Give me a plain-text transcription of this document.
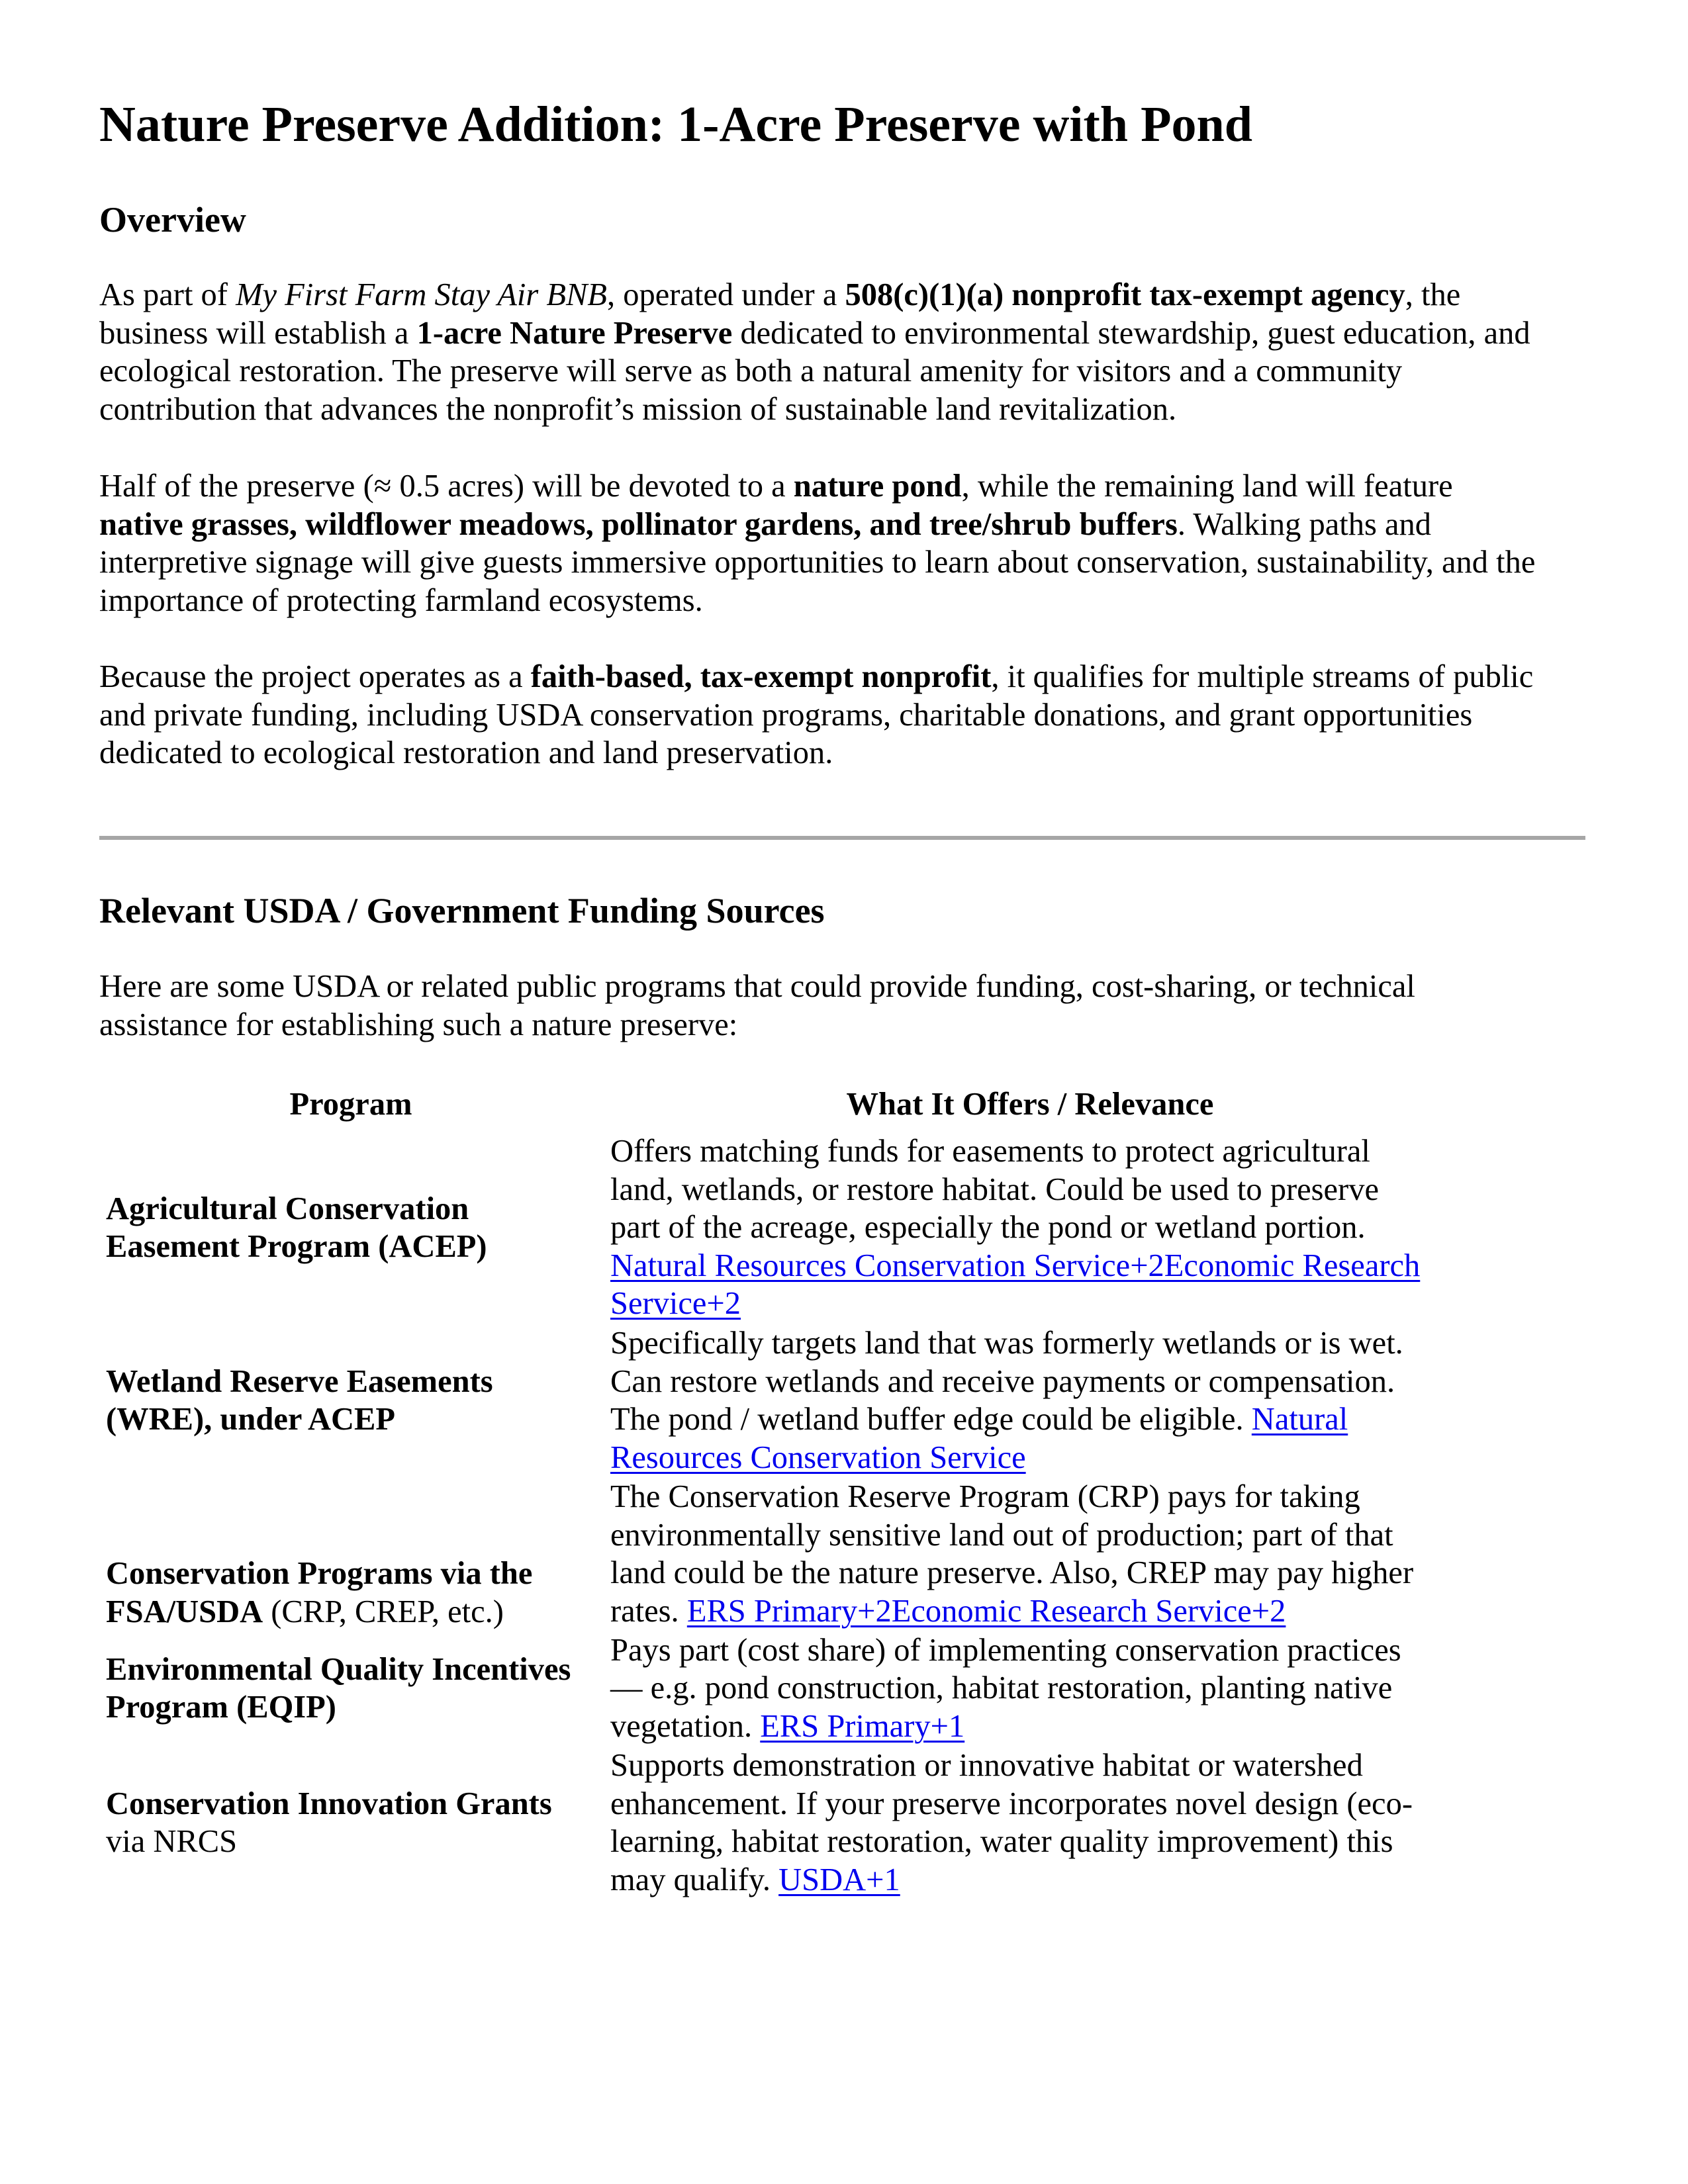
Nature Preserve Addition: 1-Acre Preserve with Pond
Overview

As part of My First Farm Stay Air BNB, operated under a 508(c)(1)(a) nonprofit tax-exempt agency, the
business will establish a 1-acre Nature Preserve dedicated to environmental stewardship, guest education, and
ecological restoration. The preserve will serve as both a natural amenity for visitors and a community
contribution that advances the nonprofit’s mission of sustainable land revitalization.

Half of the preserve (≈ 0.5 acres) will be devoted to a nature pond, while the remaining land will feature
native grasses, wildflower meadows, pollinator gardens, and tree/shrub buffers. Walking paths and
interpretive signage will give guests immersive opportunities to learn about conservation, sustainability, and the
importance of protecting farmland ecosystems.

Because the project operates as a faith-based, tax-exempt nonprofit, it qualifies for multiple streams of public
and private funding, including USDA conservation programs, charitable donations, and grant opportunities
dedicated to ecological restoration and land preservation.

Relevant USDA / Government Funding Sources

Here are some USDA or related public programs that could provide funding, cost-sharing, or technical
assistance for establishing such a nature preserve:

Program	What It Offers / Relevance

Agricultural Conservation
Easement Program (ACEP)	Offers matching funds for easements to protect agricultural
land, wetlands, or restore habitat. Could be used to preserve
part of the acreage, especially the pond or wetland portion.
Natural Resources Conservation Service+2Economic Research
Service+2

Wetland Reserve Easements
(WRE), under ACEP	Specifically targets land that was formerly wetlands or is wet.
Can restore wetlands and receive payments or compensation.
The pond / wetland buffer edge could be eligible. Natural
Resources Conservation Service

Conservation Programs via the
FSA/USDA (CRP, CREP, etc.)	The Conservation Reserve Program (CRP) pays for taking
environmentally sensitive land out of production; part of that
land could be the nature preserve. Also, CREP may pay higher
rates. ERS Primary+2Economic Research Service+2

Environmental Quality Incentives
Program (EQIP)	Pays part (cost share) of implementing conservation practices
— e.g. pond construction, habitat restoration, planting native
vegetation. ERS Primary+1

Conservation Innovation Grants
via NRCS	Supports demonstration or innovative habitat or watershed
enhancement. If your preserve incorporates novel design (eco-
learning, habitat restoration, water quality improvement) this
may qualify. USDA+1
